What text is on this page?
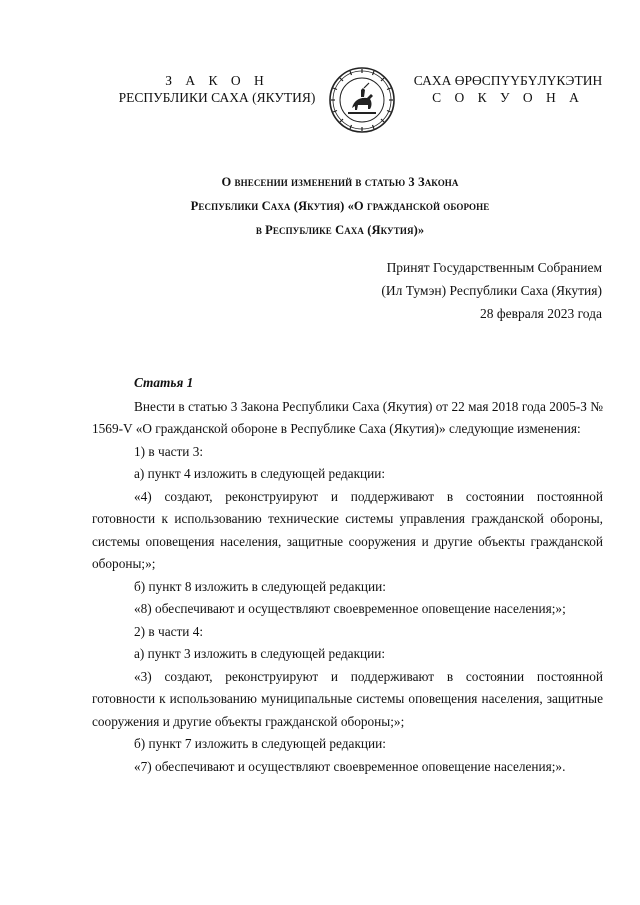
З А К О Н
РЕСПУБЛИКИ САХА (ЯКУТИЯ)
САХА ӨРӨСПҮҮБҮЛҮКЭТИН
С О К У О Н А
О внесении изменений в статью 3 Закона
Республики Саха (Якутия) «О гражданской обороне
в Республике Саха (Якутия)»
Принят Государственным Собранием
(Ил Тумэн) Республики Саха (Якутия)
28 февраля 2023 года
Статья 1

Внести в статью 3 Закона Республики Саха (Якутия) от 22 мая 2018 года 2005-З № 1569-V «О гражданской обороне в Республике Саха (Якутия)» следующие изменения:

1) в части 3:

а) пункт 4 изложить в следующей редакции:

«4) создают, реконструируют и поддерживают в состоянии постоянной готовности к использованию технические системы управления гражданской обороны, системы оповещения населения, защитные сооружения и другие объекты гражданской обороны;»;

б) пункт 8 изложить в следующей редакции:

«8) обеспечивают и осуществляют своевременное оповещение населения;»;

2) в части 4:

а) пункт 3 изложить в следующей редакции:

«3) создают, реконструируют и поддерживают в состоянии постоянной готовности к использованию муниципальные системы оповещения населения, защитные сооружения и другие объекты гражданской обороны;»;

б) пункт 7 изложить в следующей редакции:

«7) обеспечивают и осуществляют своевременное оповещение населения;».
